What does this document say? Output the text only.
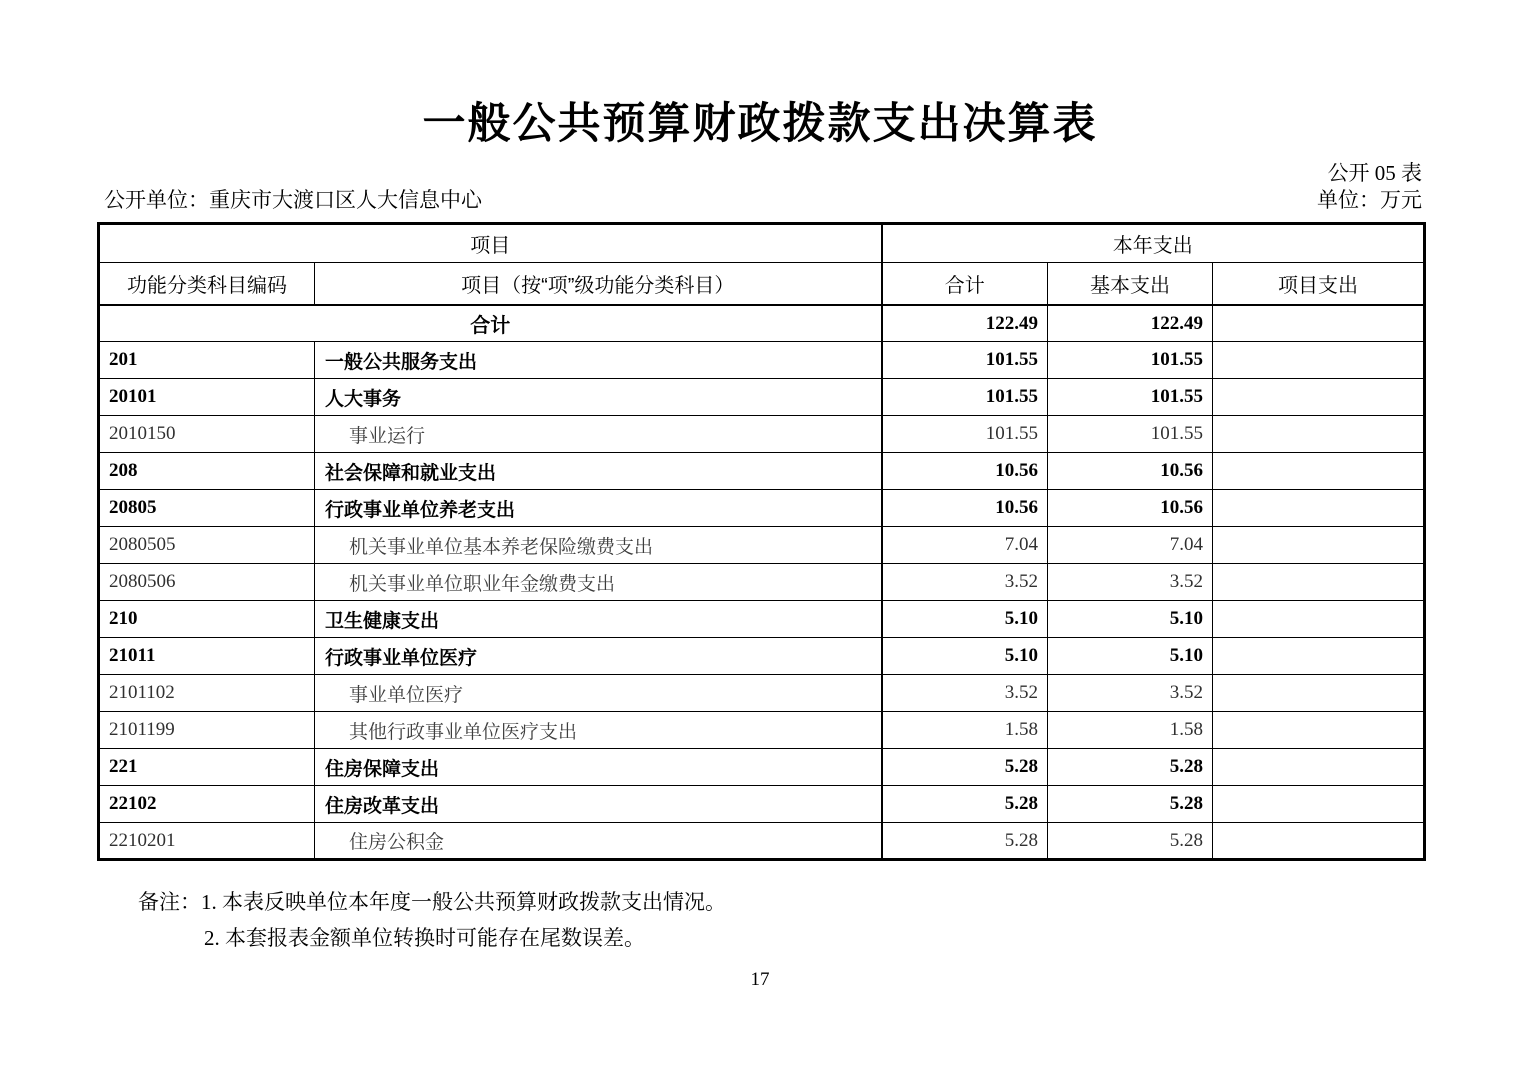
一般公共预算财政拨款支出决算表
公开 05 表
公开单位：重庆市大渡口区人大信息中心	单位：万元
项目		本年支出		
功能分类科目编码	项目（按“项”级功能分类科目）	合计	基本支出	项目支出
合计		122.49	122.49	
201	一般公共服务支出	101.55	101.55	
20101	人大事务	101.55	101.55	
2010150	事业运行	101.55	101.55	
208	社会保障和就业支出	10.56	10.56	
20805	行政事业单位养老支出	10.56	10.56	
2080505	机关事业单位基本养老保险缴费支出	7.04	7.04	
2080506	机关事业单位职业年金缴费支出	3.52	3.52	
210	卫生健康支出	5.10	5.10	
21011	行政事业单位医疗	5.10	5.10	
2101102	事业单位医疗	3.52	3.52	
2101199	其他行政事业单位医疗支出	1.58	1.58	
221	住房保障支出	5.28	5.28	
22102	住房改革支出	5.28	5.28	
2210201	住房公积金	5.28	5.28	
备注：1. 本表反映单位本年度一般公共预算财政拨款支出情况。
2. 本套报表金额单位转换时可能存在尾数误差。
17
